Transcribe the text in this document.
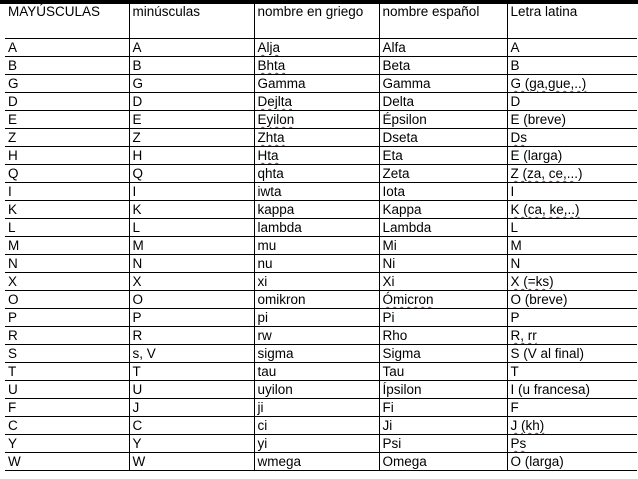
MAYÚSCULAS	minúsculas	nombre en griego	nombre español	Letra latina
A	A	Alja	Alfa	A
B	B	Bhta	Beta	B
G	G	Gamma	Gamma	G (ga,gue,..)
D	D	Dejlta	Delta	D
E	E	Eyilon	Épsilon	E (breve)
Z	Z	Zhta	Dseta	Ds
H	H	Hta	Eta	E (larga)
Q	Q	qhta	Zeta	Z (za, ce,...)
I	I	iwta	Iota	I
K	K	kappa	Kappa	K (ca, ke,..)
L	L	lambda	Lambda	L
M	M	mu	Mi	M
N	N	nu	Ni	N
X	X	xi	Xi	X (=ks)
O	O	omikron	Ómicron	O (breve)
P	P	pi	Pi	P
R	R	rw	Rho	R, rr
S	s, V	sigma	Sigma	S (V al final)
T	T	tau	Tau	T
U	U	uyilon	Ípsilon	I (u francesa)
F	J	ji	Fi	F
C	C	ci	Ji	J (kh)
Y	Y	yi	Psi	Ps
W	W	wmega	Omega	O (larga)
